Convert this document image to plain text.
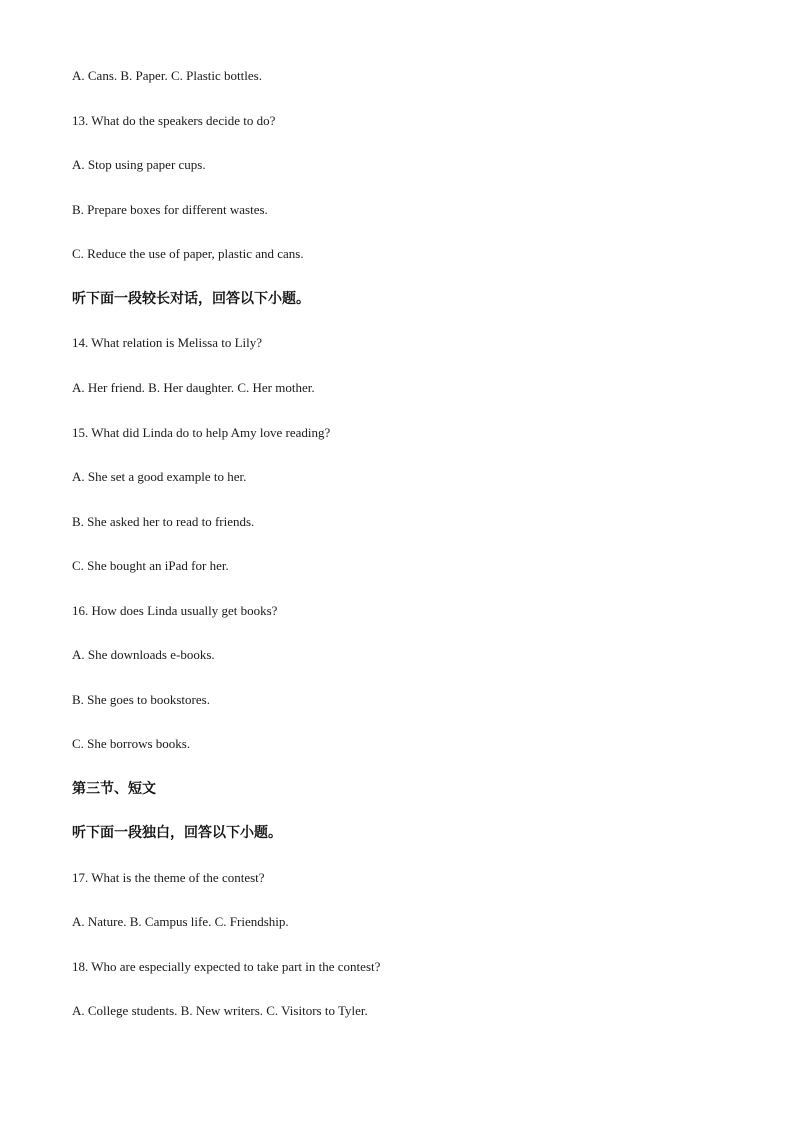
A. Cans. B. Paper. C. Plastic bottles.

13. What do the speakers decide to do?

A. Stop using paper cups.

B. Prepare boxes for different wastes.

C. Reduce the use of paper, plastic and cans.

听下面一段较长对话，回答以下小题。

14. What relation is Melissa to Lily?

A. Her friend. B. Her daughter. C. Her mother.

15. What did Linda do to help Amy love reading?

A. She set a good example to her.

B. She asked her to read to friends.

C. She bought an iPad for her.

16. How does Linda usually get books?

A. She downloads e-books.

B. She goes to bookstores.

C. She borrows books.

第三节、短文

听下面一段独白，回答以下小题。

17. What is the theme of the contest?

A. Nature. B. Campus life. C. Friendship.

18. Who are especially expected to take part in the contest?

A. College students. B. New writers. C. Visitors to Tyler.
